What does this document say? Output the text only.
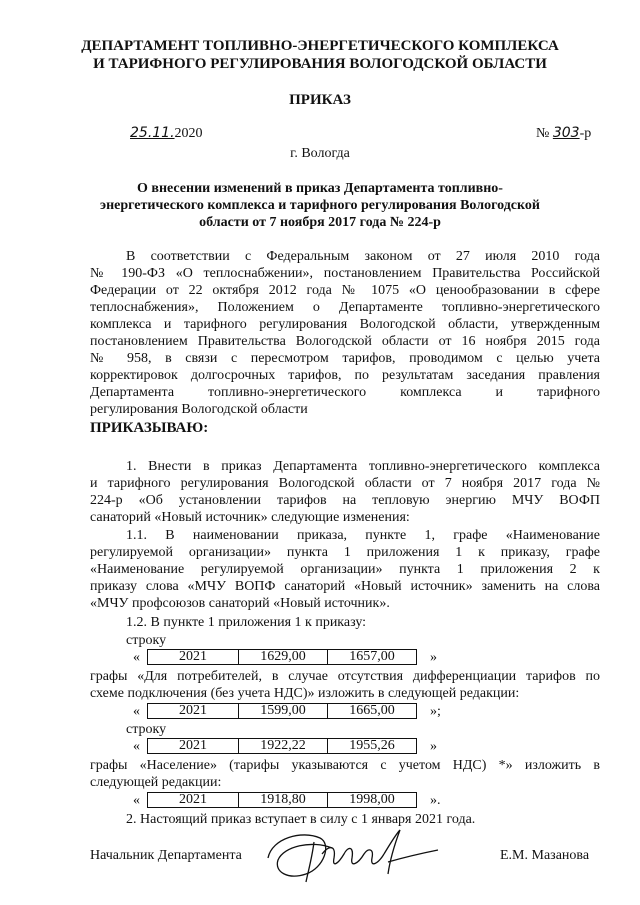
ДЕПАРТАМЕНТ ТОПЛИВНО-ЭНЕРГЕТИЧЕСКОГО КОМПЛЕКСА
И ТАРИФНОГО РЕГУЛИРОВАНИЯ ВОЛОГОДСКОЙ ОБЛАСТИ
ПРИКАЗ
25.11.2020	№ 303-р
г. Вологда
О внесении изменений в приказ Департамента топливно-
энергетического комплекса и тарифного регулирования Вологодской
области от 7 ноября 2017 года № 224-р
В соответствии с Федеральным законом от 27 июля 2010 года
№ 190-ФЗ «О теплоснабжении», постановлением Правительства Российской
Федерации от 22 октября 2012 года № 1075 «О ценообразовании в сфере
теплоснабжения», Положением о Департаменте топливно-энергетического
комплекса и тарифного регулирования Вологодской области, утвержденным
постановлением Правительства Вологодской области от 16 ноября 2015 года
№ 958, в связи с пересмотром тарифов, проводимом с целью учета
корректировок долгосрочных тарифов, по результатам заседания правления
Департамента топливно-энергетического комплекса и тарифного
регулирования Вологодской области
ПРИКАЗЫВАЮ:
1. Внести в приказ Департамента топливно-энергетического комплекса
и тарифного регулирования Вологодской области от 7 ноября 2017 года №
224-р «Об установлении тарифов на тепловую энергию МЧУ ВОФП
санаторий «Новый источник» следующие изменения:
1.1. В наименовании приказа, пункте 1, графе «Наименование
регулируемой организации» пункта 1 приложения 1 к приказу, графе
«Наименование регулируемой организации» пункта 1 приложения 2 к
приказу слова «МЧУ ВОПФ санаторий «Новый источник» заменить на слова
«МЧУ профсоюзов санаторий «Новый источник».
1.2. В пункте 1 приложения 1 к приказу:
строку
«	2021	1629,00	1657,00	»
графы «Для потребителей, в случае отсутствия дифференциации тарифов по
схеме подключения (без учета НДС)» изложить в следующей редакции:
«	2021	1599,00	1665,00	»;
строку
«	2021	1922,22	1955,26	»
графы «Население» (тарифы указываются с учетом НДС) *» изложить в
следующей редакции:
«	2021	1918,80	1998,00	».
2. Настоящий приказ вступает в силу с 1 января 2021 года.
Начальник Департамента	Е.М. Мазанова
